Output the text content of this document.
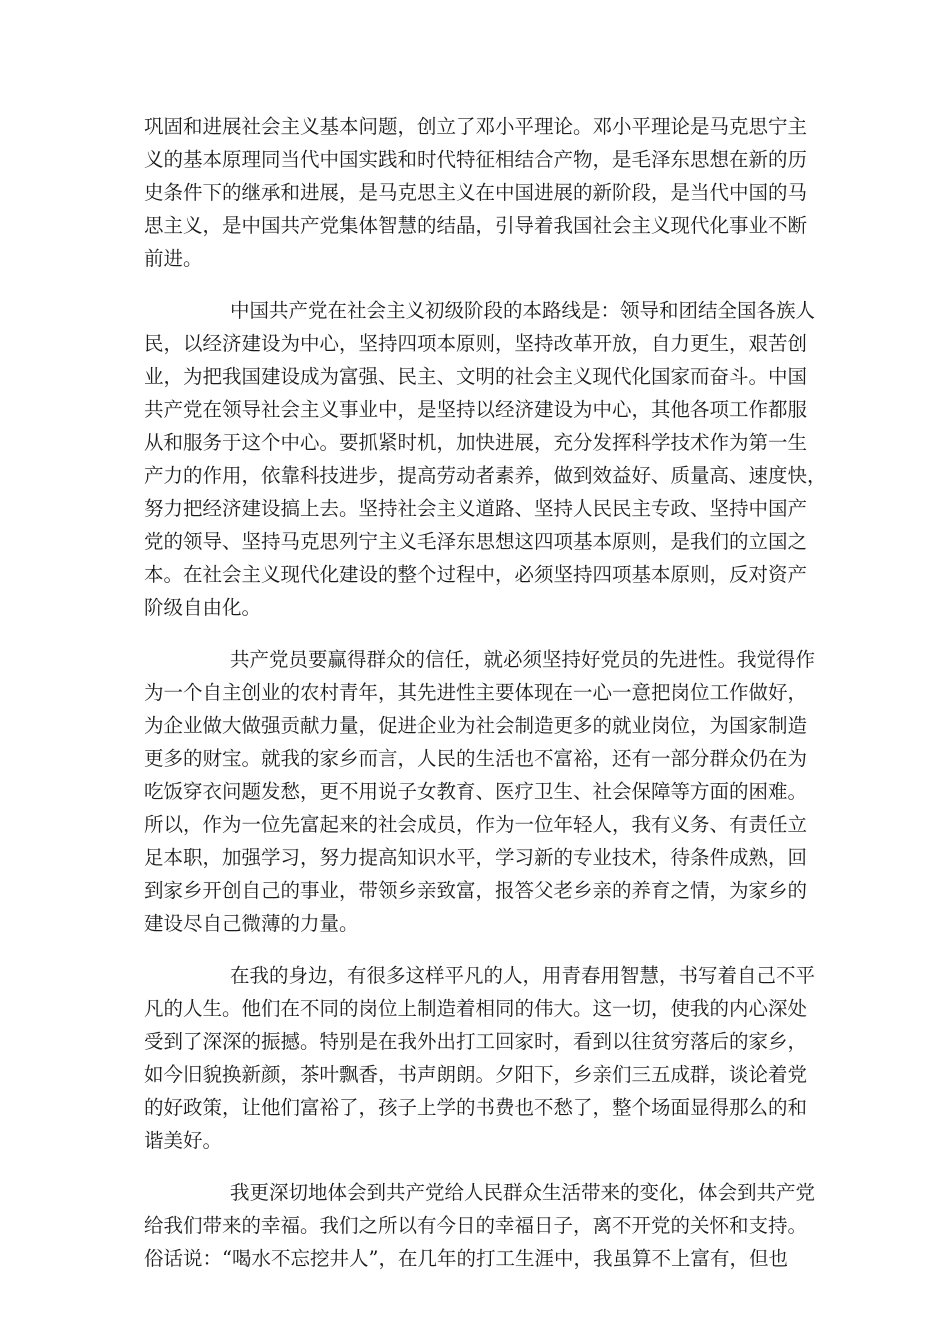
巩固和进展社会主义基本问题，创立了邓小平理论。邓小平理论是马克思宁主
义的基本原理同当代中国实践和时代特征相结合产物，是毛泽东思想在新的历
史条件下的继承和进展，是马克思主义在中国进展的新阶段，是当代中国的马
思主义，是中国共产党集体智慧的结晶，引导着我国社会主义现代化事业不断
前进。
中国共产党在社会主义初级阶段的本路线是：领导和团结全国各族人
民，以经济建设为中心，坚持四项本原则，坚持改革开放，自力更生，艰苦创
业，为把我国建设成为富强、民主、文明的社会主义现代化国家而奋斗。中国
共产党在领导社会主义事业中，是坚持以经济建设为中心，其他各项工作都服
从和服务于这个中心。要抓紧时机，加快进展，充分发挥科学技术作为第一生
产力的作用，依靠科技进步，提高劳动者素养，做到效益好、质量高、速度快，
努力把经济建设搞上去。坚持社会主义道路、坚持人民民主专政、坚持中国产
党的领导、坚持马克思列宁主义毛泽东思想这四项基本原则，是我们的立国之
本。在社会主义现代化建设的整个过程中，必须坚持四项基本原则，反对资产
阶级自由化。
共产党员要赢得群众的信任，就必须坚持好党员的先进性。我觉得作
为一个自主创业的农村青年，其先进性主要体现在一心一意把岗位工作做好，
为企业做大做强贡献力量，促进企业为社会制造更多的就业岗位，为国家制造
更多的财宝。就我的家乡而言，人民的生活也不富裕，还有一部分群众仍在为
吃饭穿衣问题发愁，更不用说子女教育、医疗卫生、社会保障等方面的困难。
所以，作为一位先富起来的社会成员，作为一位年轻人，我有义务、有责任立
足本职，加强学习，努力提高知识水平，学习新的专业技术，待条件成熟，回
到家乡开创自己的事业，带领乡亲致富，报答父老乡亲的养育之情，为家乡的
建设尽自己微薄的力量。
在我的身边，有很多这样平凡的人，用青春用智慧，书写着自己不平
凡的人生。他们在不同的岗位上制造着相同的伟大。这一切，使我的内心深处
受到了深深的振撼。特别是在我外出打工回家时，看到以往贫穷落后的家乡，
如今旧貌换新颜，茶叶飘香，书声朗朗。夕阳下，乡亲们三五成群，谈论着党
的好政策，让他们富裕了，孩子上学的书费也不愁了，整个场面显得那么的和
谐美好。
我更深切地体会到共产党给人民群众生活带来的变化，体会到共产党
给我们带来的幸福。我们之所以有今日的幸福日子，离不开党的关怀和支持。
俗话说：“喝水不忘挖井人”，在几年的打工生涯中，我虽算不上富有，但也
